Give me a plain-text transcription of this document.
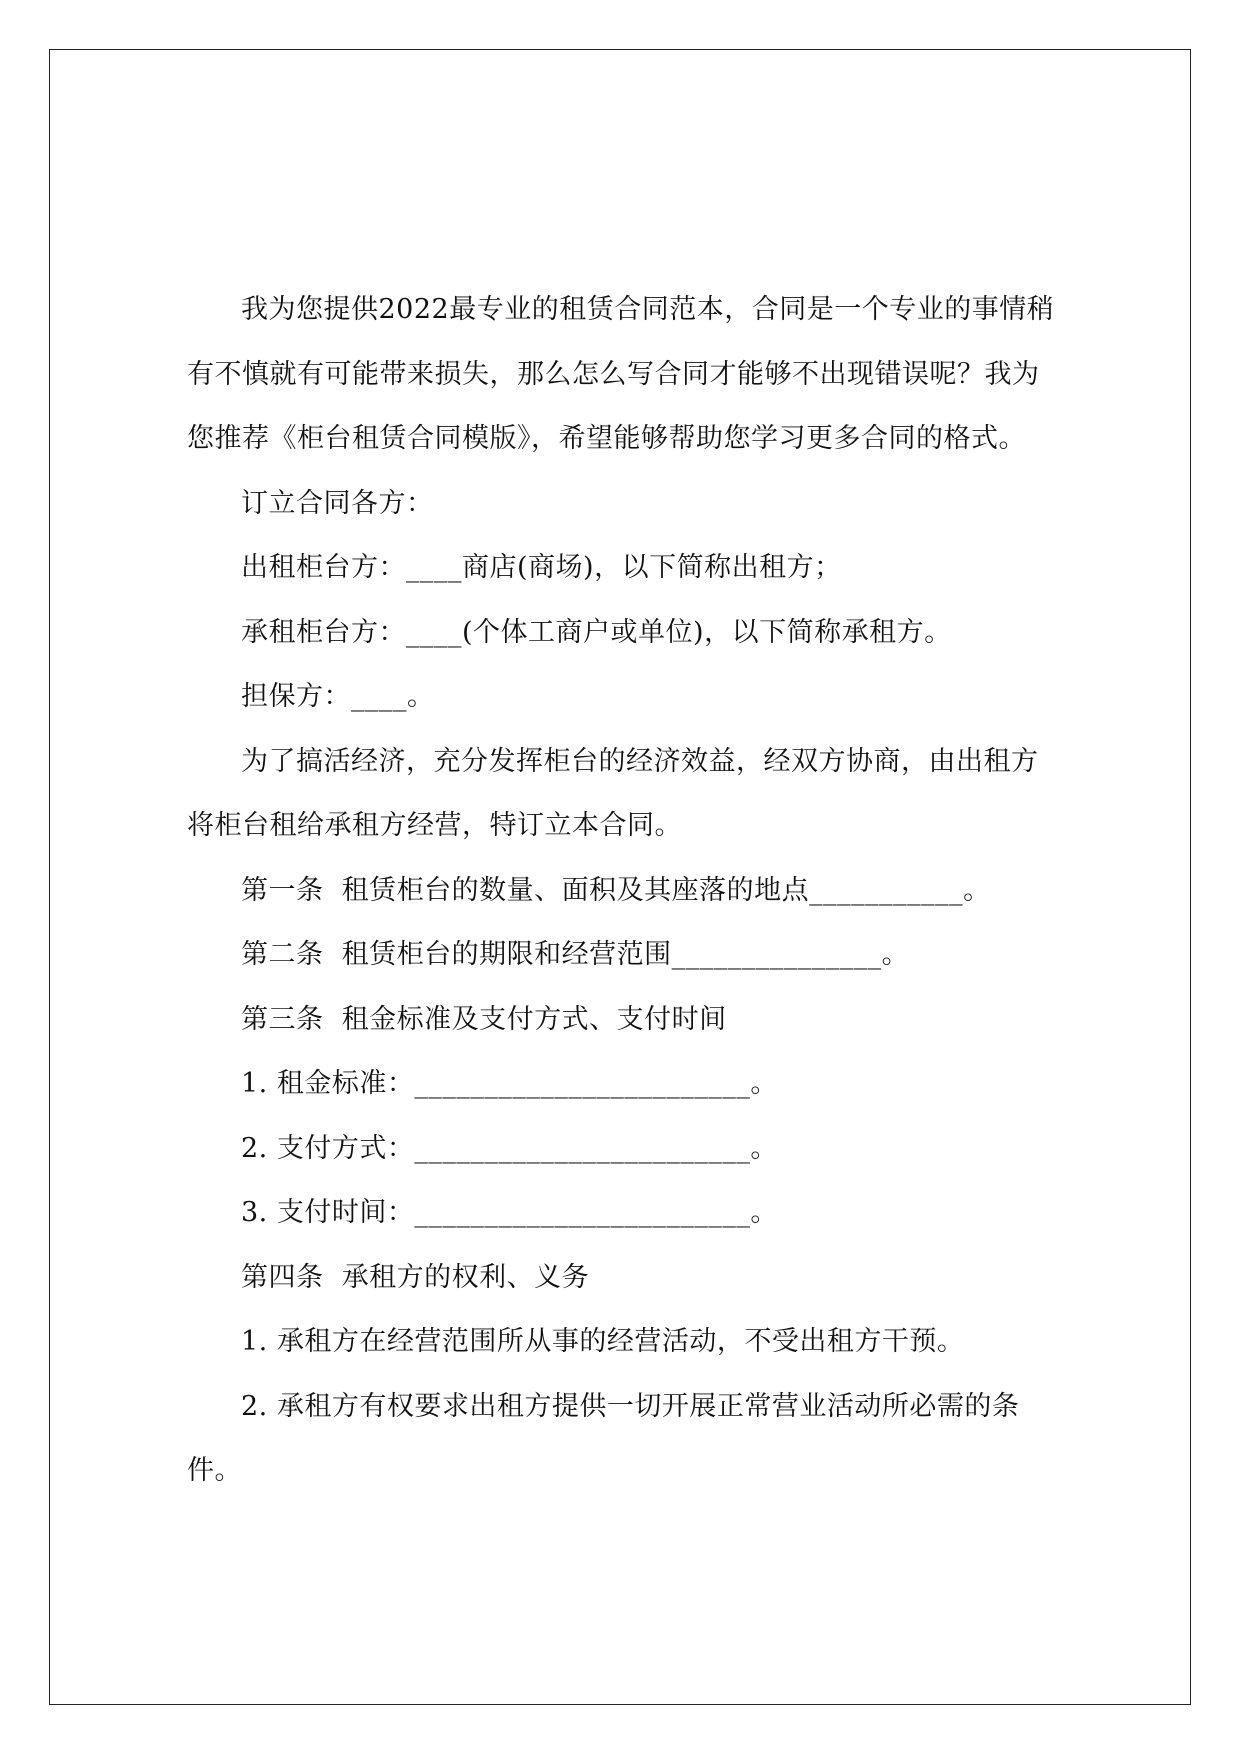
我为您提供2022最专业的租赁合同范本，合同是一个专业的事情稍有不慎就有可能带来损失，那么怎么写合同才能够不出现错误呢？我为您推荐《柜台租赁合同模版》，希望能够帮助您学习更多合同的格式。

订立合同各方：

出租柜台方：____商店(商场)，以下简称出租方；

承租柜台方：____(个体工商户或单位)，以下简称承租方。

担保方：____。

为了搞活经济，充分发挥柜台的经济效益，经双方协商，由出租方将柜台租给承租方经营，特订立本合同。

第一条  租赁柜台的数量、面积及其座落的地点___________。

第二条  租赁柜台的期限和经营范围_______________。

第三条  租金标准及支付方式、支付时间

1. 租金标准：________________________。

2. 支付方式：________________________。

3. 支付时间：________________________。

第四条  承租方的权利、义务

1. 承租方在经营范围所从事的经营活动，不受出租方干预。

2. 承租方有权要求出租方提供一切开展正常营业活动所必需的条件。
